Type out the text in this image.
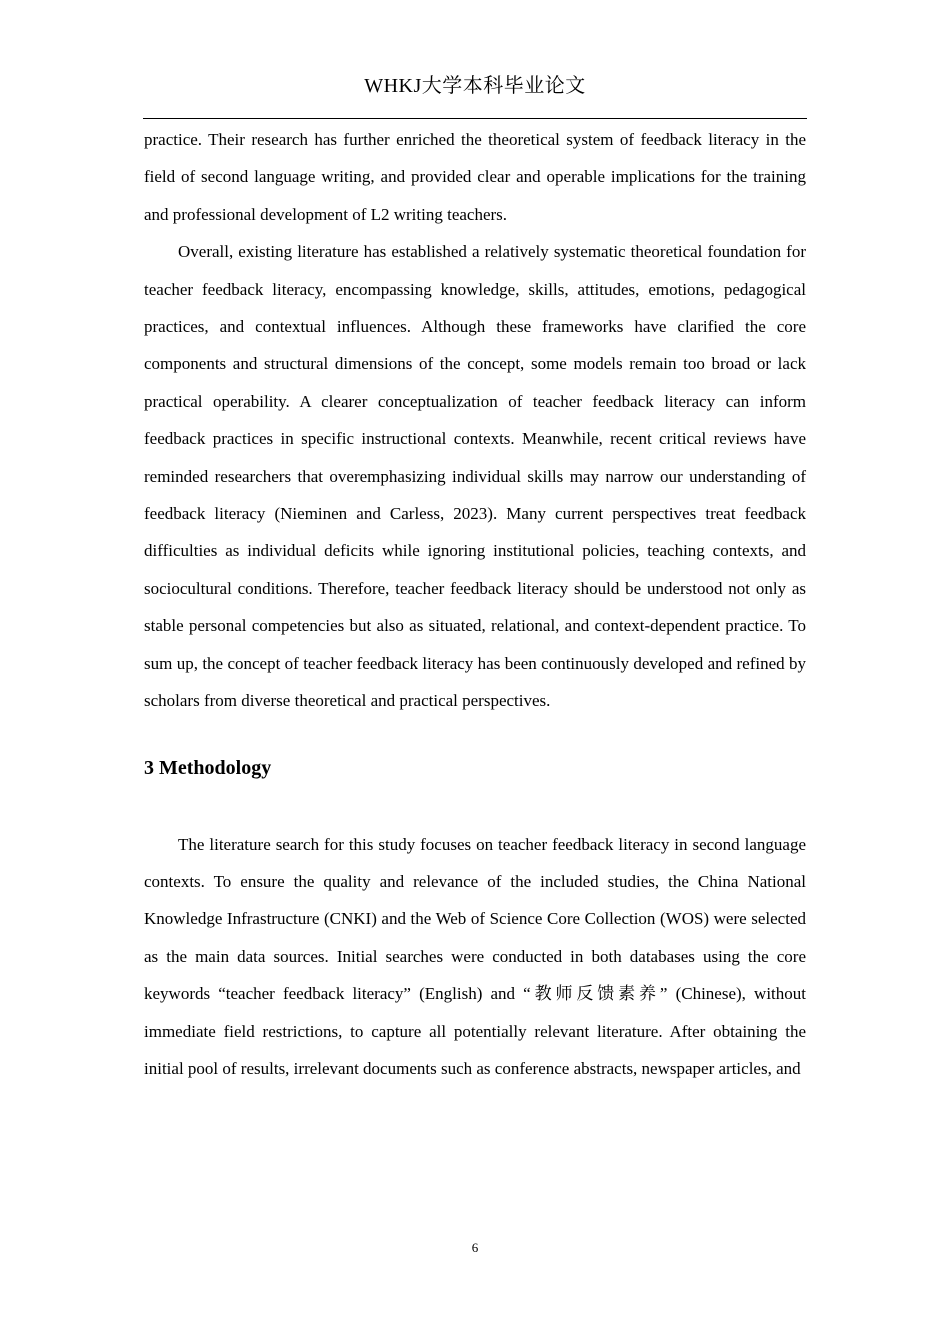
WHKJ大学本科毕业论文

practice. Their research has further enriched the theoretical system of feedback literacy in the field of second language writing, and provided clear and operable implications for the training and professional development of L2 writing teachers.

Overall, existing literature has established a relatively systematic theoretical foundation for teacher feedback literacy, encompassing knowledge, skills, attitudes, emotions, pedagogical practices, and contextual influences. Although these frameworks have clarified the core components and structural dimensions of the concept, some models remain too broad or lack practical operability. A clearer conceptualization of teacher feedback literacy can inform feedback practices in specific instructional contexts. Meanwhile, recent critical reviews have reminded researchers that overemphasizing individual skills may narrow our understanding of feedback literacy (Nieminen and Carless, 2023). Many current perspectives treat feedback difficulties as individual deficits while ignoring institutional policies, teaching contexts, and sociocultural conditions. Therefore, teacher feedback literacy should be understood not only as stable personal competencies but also as situated, relational, and context-dependent practice. To sum up, the concept of teacher feedback literacy has been continuously developed and refined by scholars from diverse theoretical and practical perspectives.

3 Methodology

The literature search for this study focuses on teacher feedback literacy in second language contexts. To ensure the quality and relevance of the included studies, the China National Knowledge Infrastructure (CNKI) and the Web of Science Core Collection (WOS) were selected as the main data sources. Initial searches were conducted in both databases using the core keywords “teacher feedback literacy” (English) and “教师反馈素养” (Chinese), without immediate field restrictions, to capture all potentially relevant literature. After obtaining the initial pool of results, irrelevant documents such as conference abstracts, newspaper articles, and

6
